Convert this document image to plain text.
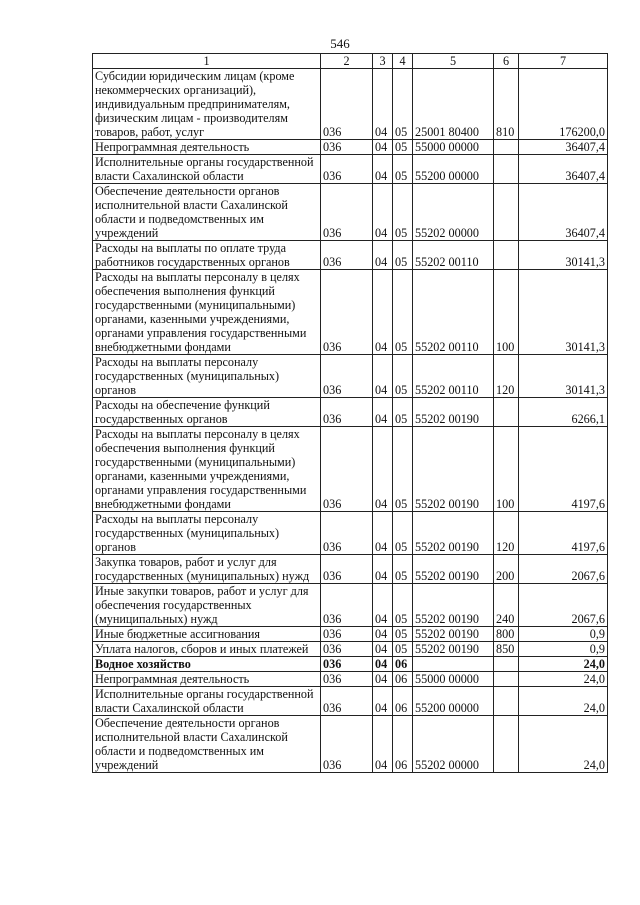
546
1	2	3	4	5	6	7
Субсидии юридическим лицам (кроме некоммерческих организаций), индивидуальным предпринимателям, физическим лицам - производителям товаров, работ, услуг	036	04	05	25001 80400	810	176200,0
Непрограммная деятельность	036	04	05	55000 00000		36407,4
Исполнительные органы государственной власти Сахалинской области	036	04	05	55200 00000		36407,4
Обеспечение деятельности органов исполнительной власти Сахалинской области и подведомственных им учреждений	036	04	05	55202 00000		36407,4
Расходы на выплаты по оплате труда работников государственных органов	036	04	05	55202 00110		30141,3
Расходы на выплаты персоналу в целях обеспечения выполнения функций государственными (муниципальными) органами, казенными учреждениями, органами управления государственными внебюджетными фондами	036	04	05	55202 00110	100	30141,3
Расходы на выплаты персоналу государственных (муниципальных) органов	036	04	05	55202 00110	120	30141,3
Расходы на обеспечение функций государственных органов	036	04	05	55202 00190		6266,1
Расходы на выплаты персоналу в целях обеспечения выполнения функций государственными (муниципальными) органами, казенными учреждениями, органами управления государственными внебюджетными фондами	036	04	05	55202 00190	100	4197,6
Расходы на выплаты персоналу государственных (муниципальных) органов	036	04	05	55202 00190	120	4197,6
Закупка товаров, работ и услуг для государственных (муниципальных) нужд	036	04	05	55202 00190	200	2067,6
Иные закупки товаров, работ и услуг для обеспечения государственных (муниципальных) нужд	036	04	05	55202 00190	240	2067,6
Иные бюджетные ассигнования	036	04	05	55202 00190	800	0,9
Уплата налогов, сборов и иных платежей	036	04	05	55202 00190	850	0,9
Водное хозяйство	036	04	06			24,0
Непрограммная деятельность	036	04	06	55000 00000		24,0
Исполнительные органы государственной власти Сахалинской области	036	04	06	55200 00000		24,0
Обеспечение деятельности органов исполнительной власти Сахалинской области и подведомственных им учреждений	036	04	06	55202 00000		24,0
